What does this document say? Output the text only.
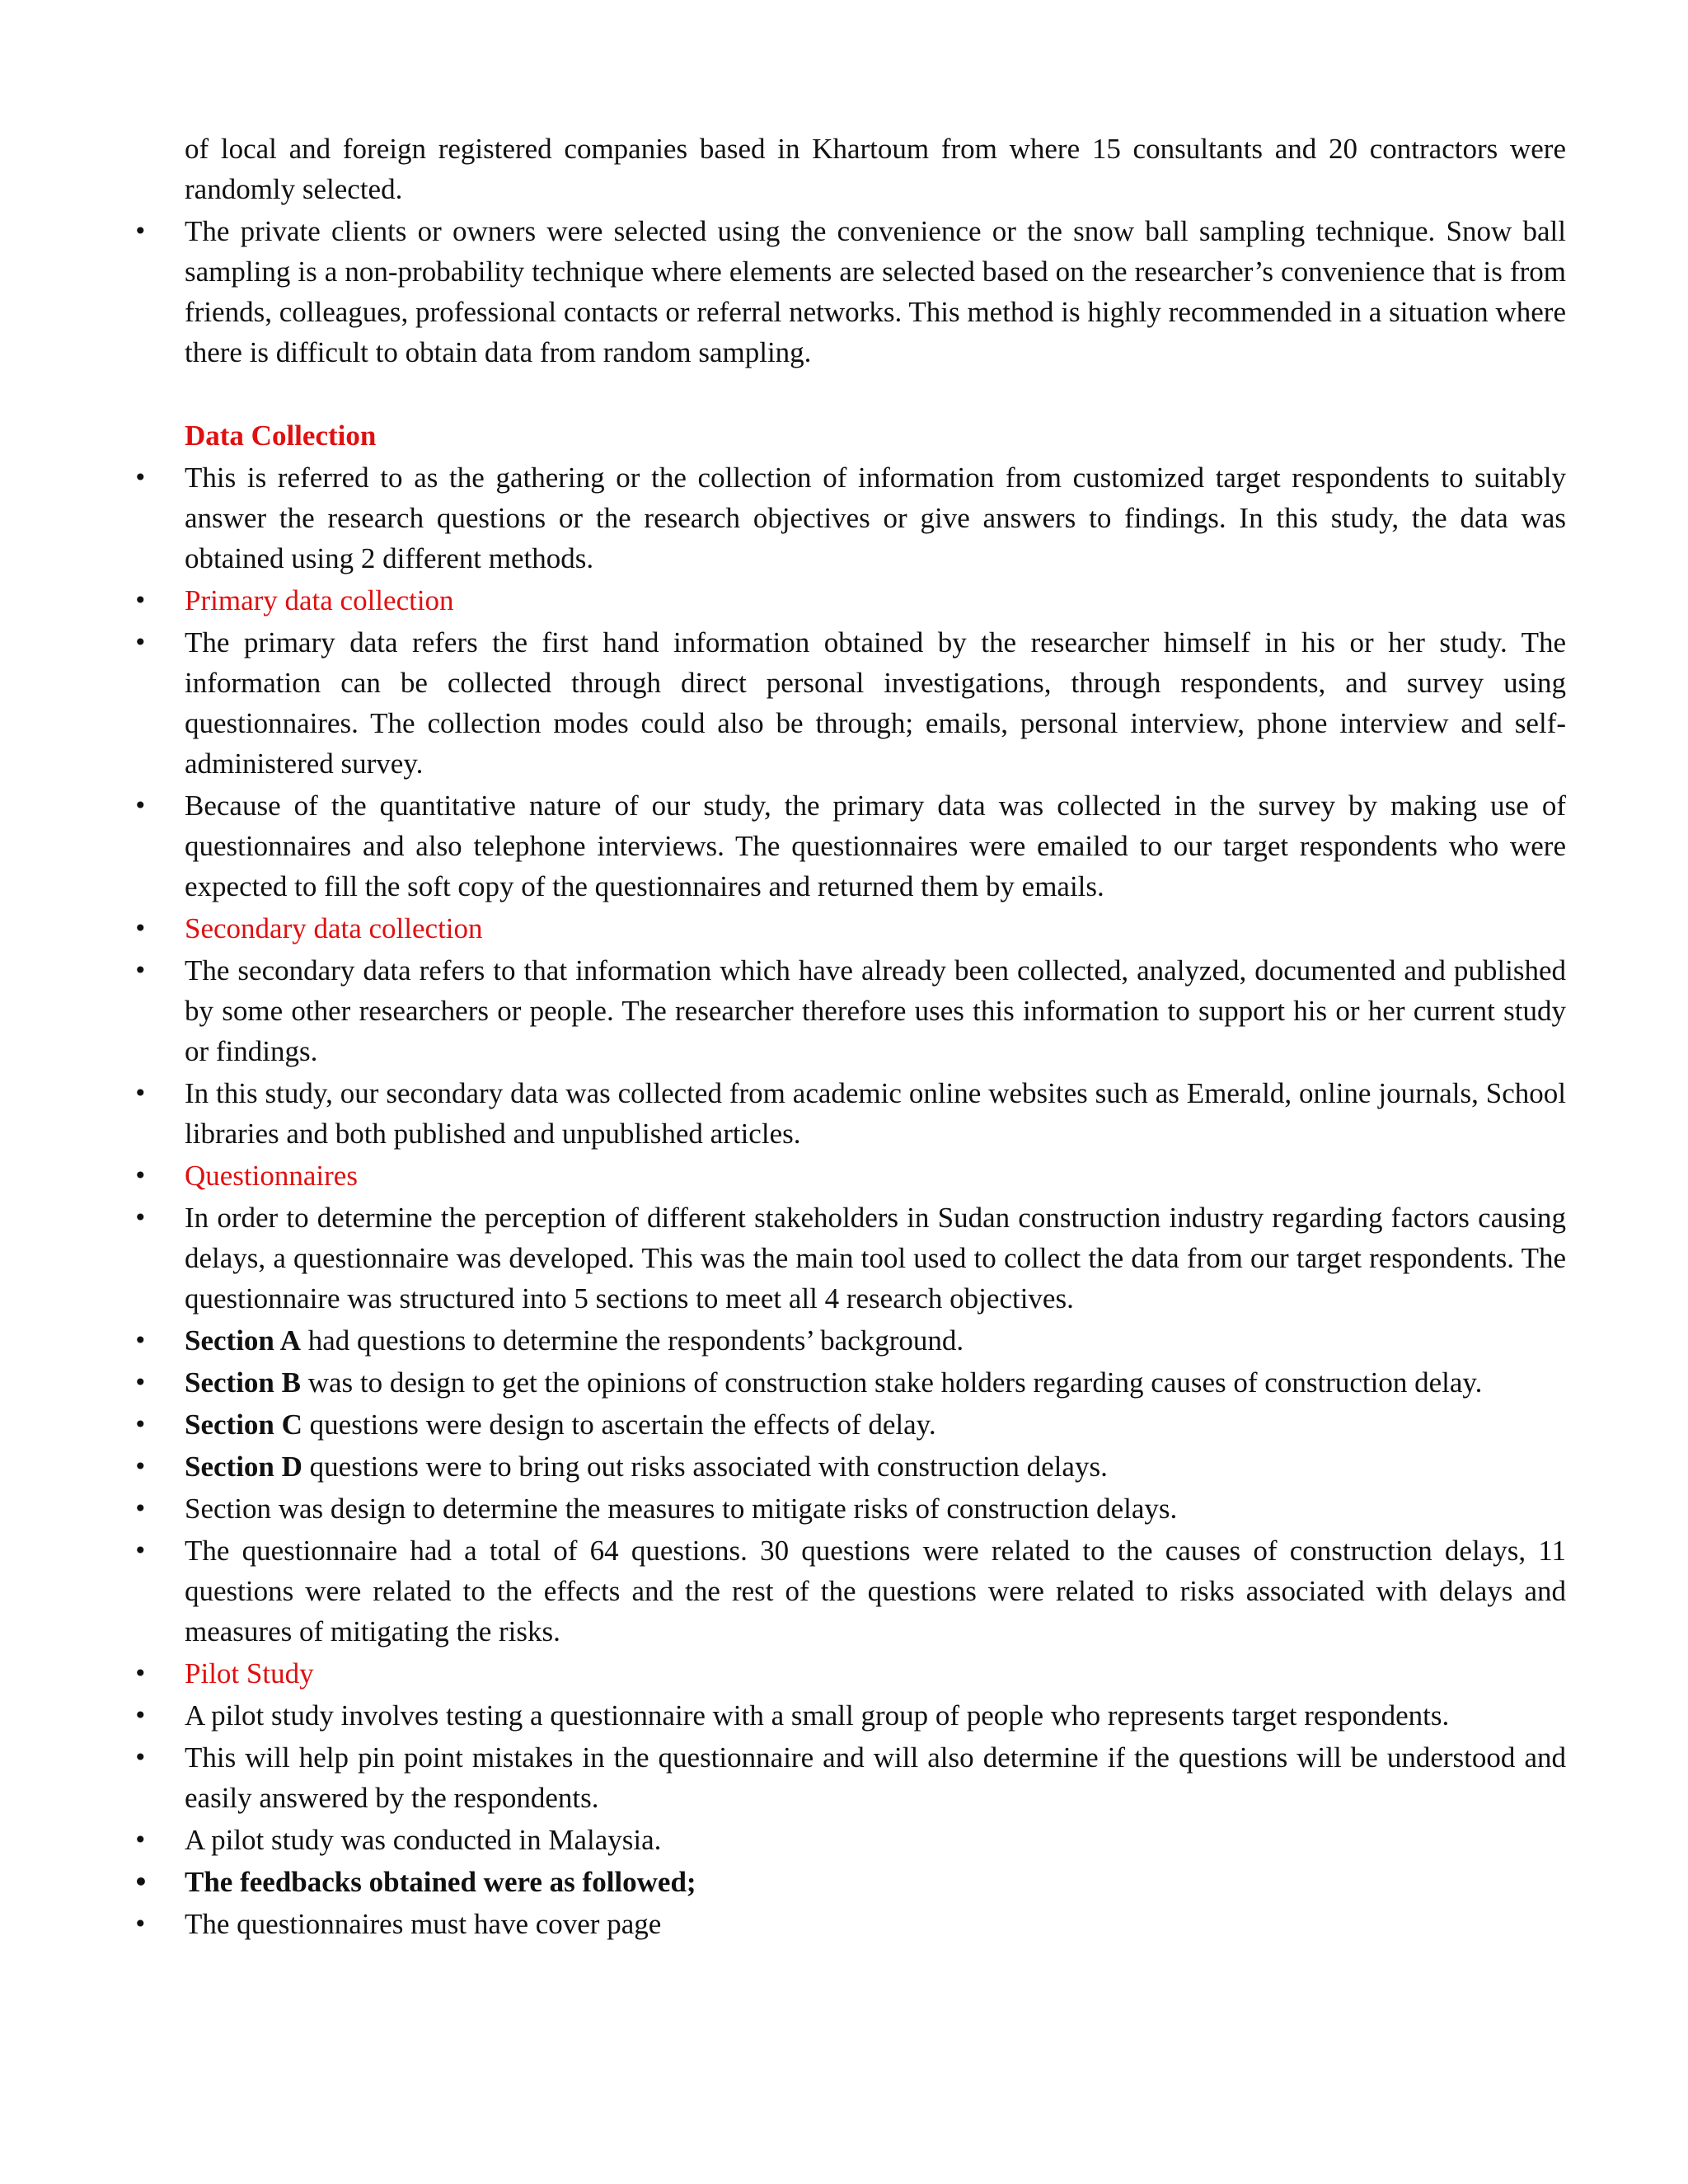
of local and foreign registered companies based in Khartoum from where 15 consultants and 20 contractors were randomly selected.

• The private clients or owners were selected using the convenience or the snow ball sampling technique. Snow ball sampling is a non-probability technique where elements are selected based on the researcher’s convenience that is from friends, colleagues, professional contacts or referral networks. This method is highly recommended in a situation where there is difficult to obtain data from random sampling.

Data Collection

• This is referred to as the gathering or the collection of information from customized target respondents to suitably answer the research questions or the research objectives or give answers to findings. In this study, the data was obtained using 2 different methods.

• Primary data collection

• The primary data refers the first hand information obtained by the researcher himself in his or her study. The information can be collected through direct personal investigations, through respondents, and survey using questionnaires. The collection modes could also be through; emails, personal interview, phone interview and self-administered survey.

• Because of the quantitative nature of our study, the primary data was collected in the survey by making use of questionnaires and also telephone interviews. The questionnaires were emailed to our target respondents who were expected to fill the soft copy of the questionnaires and returned them by emails.

• Secondary data collection

• The secondary data refers to that information which have already been collected, analyzed, documented and published by some other researchers or people. The researcher therefore uses this information to support his or her current study or findings.

• In this study, our secondary data was collected from academic online websites such as Emerald, online journals, School libraries and both published and unpublished articles.

• Questionnaires

• In order to determine the perception of different stakeholders in Sudan construction industry regarding factors causing delays, a questionnaire was developed. This was the main tool used to collect the data from our target respondents. The questionnaire was structured into 5 sections to meet all 4 research objectives.

• Section A had questions to determine the respondents’ background.

• Section B was to design to get the opinions of construction stake holders regarding causes of construction delay.

• Section C questions were design to ascertain the effects of delay.

• Section D questions were to bring out risks associated with construction delays.

• Section was design to determine the measures to mitigate risks of construction delays.

• The questionnaire had a total of 64 questions. 30 questions were related to the causes of construction delays, 11 questions were related to the effects and the rest of the questions were related to risks associated with delays and measures of mitigating the risks.

• Pilot Study

• A pilot study involves testing a questionnaire with a small group of people who represents target respondents.

• This will help pin point mistakes in the questionnaire and will also determine if the questions will be understood and easily answered by the respondents.

• A pilot study was conducted in Malaysia.

• The feedbacks obtained were as followed;

• The questionnaires must have cover page
